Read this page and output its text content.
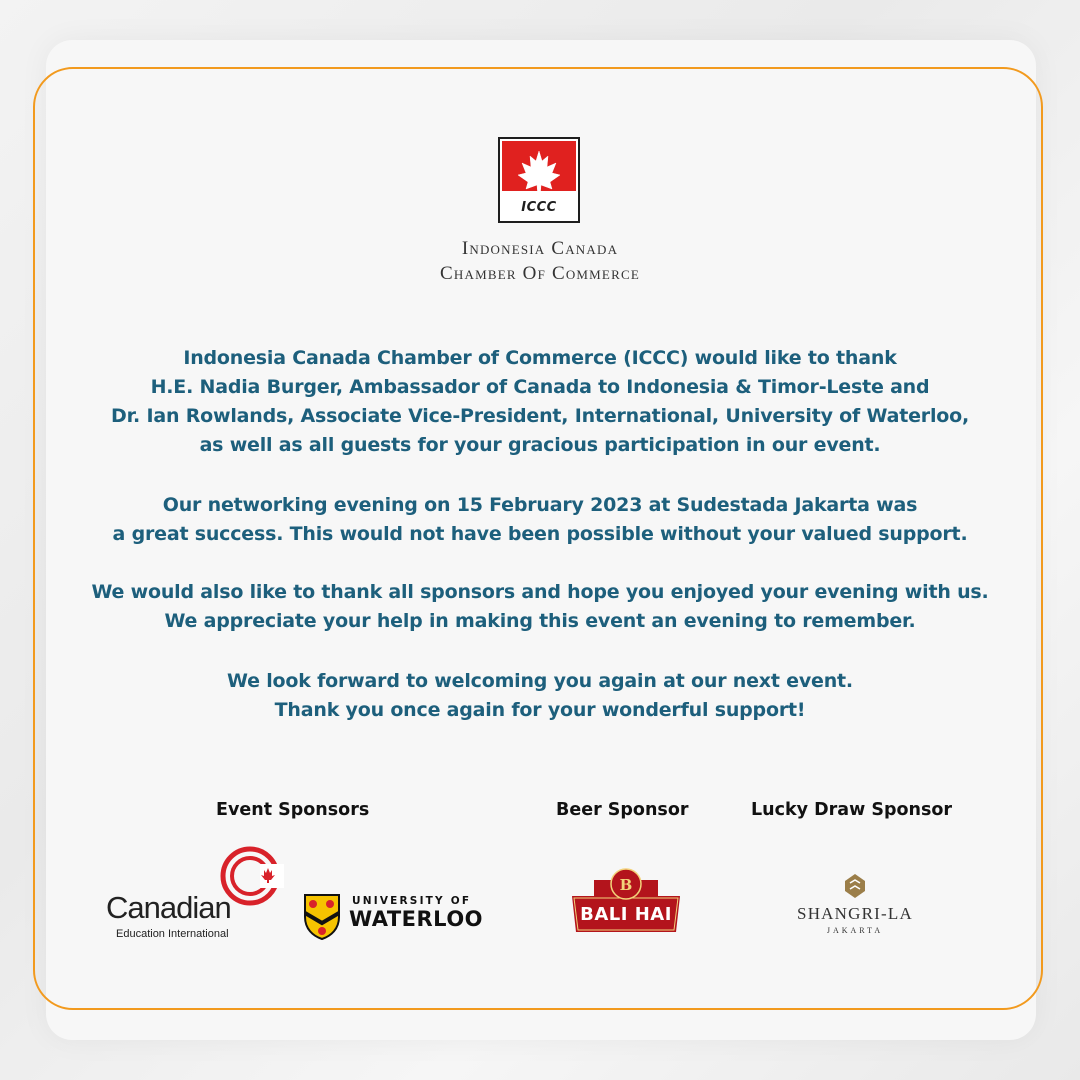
ICCC
Indonesia Canada
Chamber Of Commerce
Indonesia Canada Chamber of Commerce (ICCC) would like to thank
H.E. Nadia Burger, Ambassador of Canada to Indonesia & Timor-Leste and
Dr. Ian Rowlands, Associate Vice-President, International, University of Waterloo,
as well as all guests for your gracious participation in our event.
Our networking evening on 15 February 2023 at Sudestada Jakarta was
a great success. This would not have been possible without your valued support.
We would also like to thank all sponsors and hope you enjoyed your evening with us.
We appreciate your help in making this event an evening to remember.
We look forward to welcoming you again at our next event.
Thank you once again for your wonderful support!
Event Sponsors	Beer Sponsor	Lucky Draw Sponsor
Canadian
Education International
UNIVERSITY OF
WATERLOO
B
BALI HAI	SHANGRI-LA
JAKARTA
